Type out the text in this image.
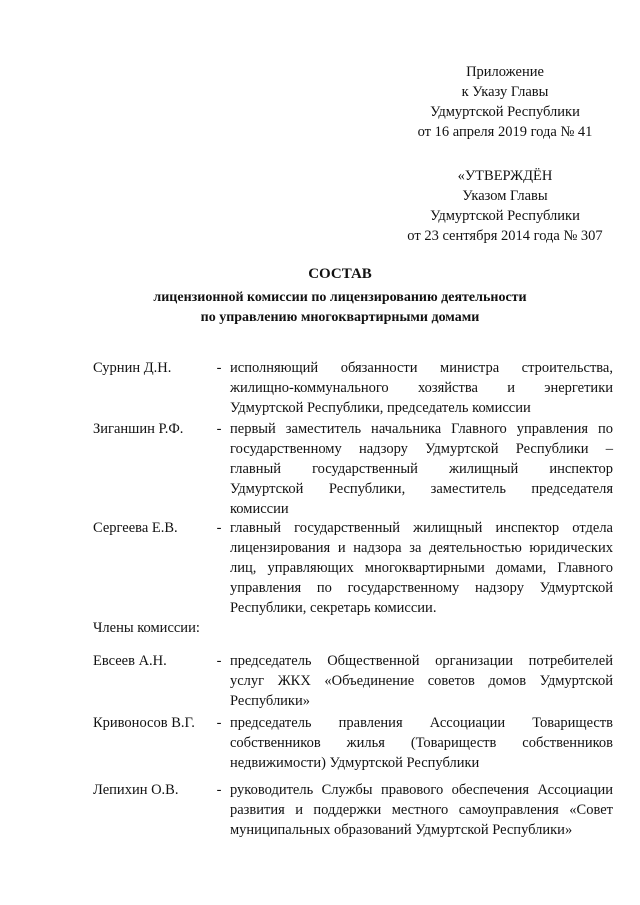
Приложение
к Указу Главы
Удмуртской Республики
от 16 апреля 2019 года № 41
«УТВЕРЖДЁН
Указом Главы
Удмуртской Республики
от 23 сентября 2014 года № 307
СОСТАВ
лицензионной комиссии по лицензированию деятельности
по управлению многоквартирными домами
Сурнин Д.Н.	- исполняющий обязанности министра строительства,
жилищно-коммунального хозяйства и энергетики
Удмуртской Республики, председатель комиссии
Зиганшин Р.Ф.	- первый заместитель начальника Главного управления по
государственному надзору Удмуртской Республики –
главный государственный жилищный инспектор
Удмуртской Республики, заместитель председателя
комиссии
Сергеева Е.В.	- главный государственный жилищный инспектор отдела
лицензирования и надзора за деятельностью юридических
лиц, управляющих многоквартирными домами, Главного
управления по государственному надзору Удмуртской
Республики, секретарь комиссии.
Члены комиссии:
Евсеев А.Н.	- председатель Общественной организации потребителей
услуг ЖКХ «Объединение советов домов Удмуртской
Республики»
Кривоносов В.Г.	- председатель правления Ассоциации Товариществ
собственников жилья (Товариществ собственников
недвижимости) Удмуртской Республики
Лепихин О.В.	- руководитель Службы правового обеспечения Ассоциации
развития и поддержки местного самоуправления «Совет
муниципальных образований Удмуртской Республики»
